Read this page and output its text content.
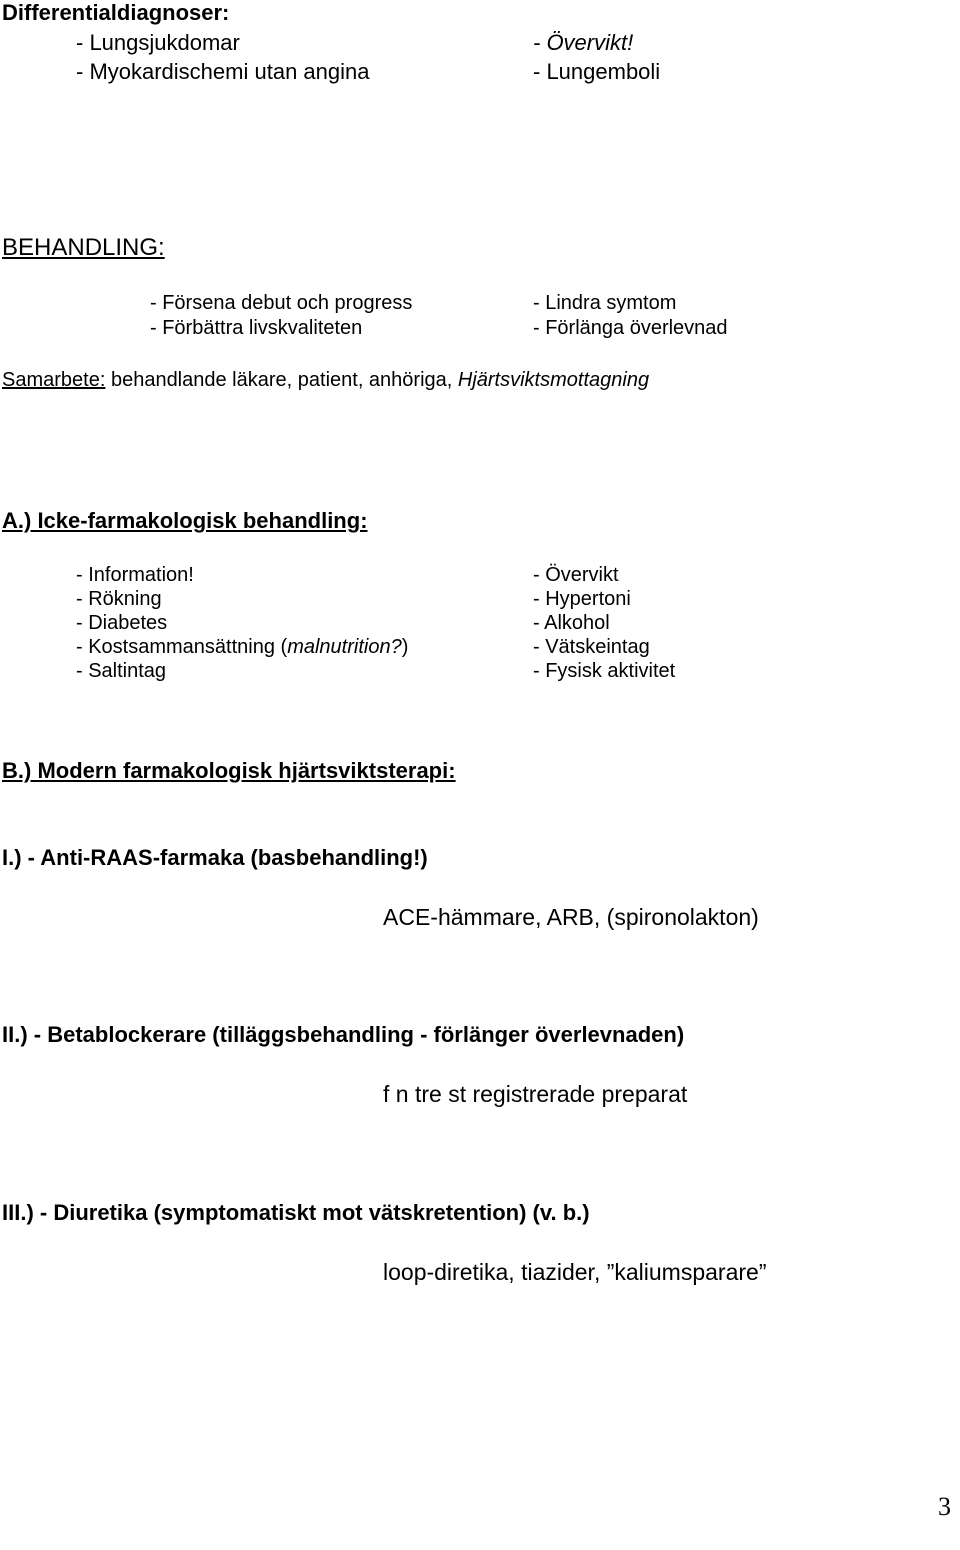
Differentialdiagnoser:
- Lungsjukdomar
- Myokardischemi utan angina
- Övervikt!
- Lungemboli
BEHANDLING:
- Försena debut och progress
- Förbättra livskvaliteten
- Lindra symtom
- Förlänga överlevnad
Samarbete: behandlande läkare, patient, anhöriga, Hjärtsviktsmottagning
A.) Icke-farmakologisk behandling:
- Information!
- Rökning
- Diabetes
- Kostsammansättning (malnutrition?)
- Saltintag
- Övervikt
- Hypertoni
- Alkohol
- Vätskeintag
- Fysisk aktivitet
B.) Modern farmakologisk hjärtsviktsterapi:
I.) - Anti-RAAS-farmaka (basbehandling!)
ACE-hämmare, ARB, (spironolakton)
II.) - Betablockerare (tilläggsbehandling - förlänger överlevnaden)
f n tre st registrerade preparat
III.) - Diuretika (symptomatiskt mot vätskretention) (v. b.)
loop-diretika, tiazider, ”kaliumsparare”
3
